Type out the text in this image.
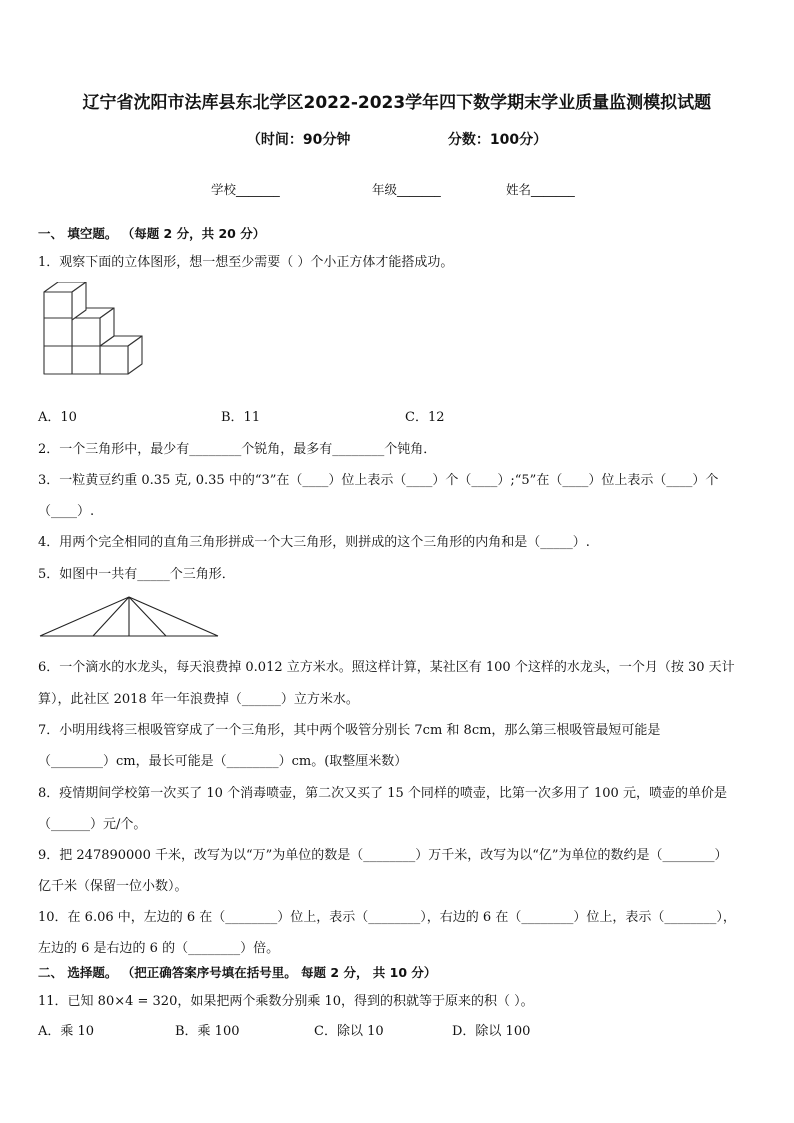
辽宁省沈阳市法库县东北学区2022-2023学年四下数学期末学业质量监测模拟试题
（时间：90分钟                    分数：100分）
学校_______	年级_______	姓名_______
一、 填空题。 （每题 2 分，共 20 分）
1．观察下面的立体图形，想一想至少需要（ ）个小正方体才能搭成功。
A．10	B．11	C．12
2．一个三角形中，最少有________个锐角，最多有________个钝角．
3．一粒黄豆约重 0.35 克, 0.35 中的“3”在（____）位上表示（____）个（____）;“5”在（____）位上表示（____）个
（____）.
4．用两个完全相同的直角三角形拼成一个大三角形，则拼成的这个三角形的内角和是（_____）.
5．如图中一共有_____个三角形．
6．一个滴水的水龙头，每天浪费掉 0.012 立方米水。照这样计算，某社区有 100 个这样的水龙头，一个月（按 30 天计
算），此社区 2018 年一年浪费掉（______）立方米水。
7．小明用线将三根吸管穿成了一个三角形，其中两个吸管分别长 7cm 和 8cm，那么第三根吸管最短可能是
（________）cm，最长可能是（________）cm。(取整厘米数）
8．疫情期间学校第一次买了 10 个消毒喷壶，第二次又买了 15 个同样的喷壶，比第一次多用了 100 元，喷壶的单价是
（______）元/个。
9．把 247890000 千米，改写为以“万”为单位的数是（________）万千米，改写为以“亿”为单位的数约是（________）
亿千米（保留一位小数）。
10．在 6.06 中，左边的 6 在（________）位上，表示（________），右边的 6 在（________）位上，表示（________），
左边的 6 是右边的 6 的（________）倍。
二、 选择题。 （把正确答案序号填在括号里。 每题 2 分， 共 10 分）
11．已知 80×4 = 320，如果把两个乘数分别乘 10，得到的积就等于原来的积（ ）。
A．乘 10	B．乘 100	C．除以 10	D．除以 100
